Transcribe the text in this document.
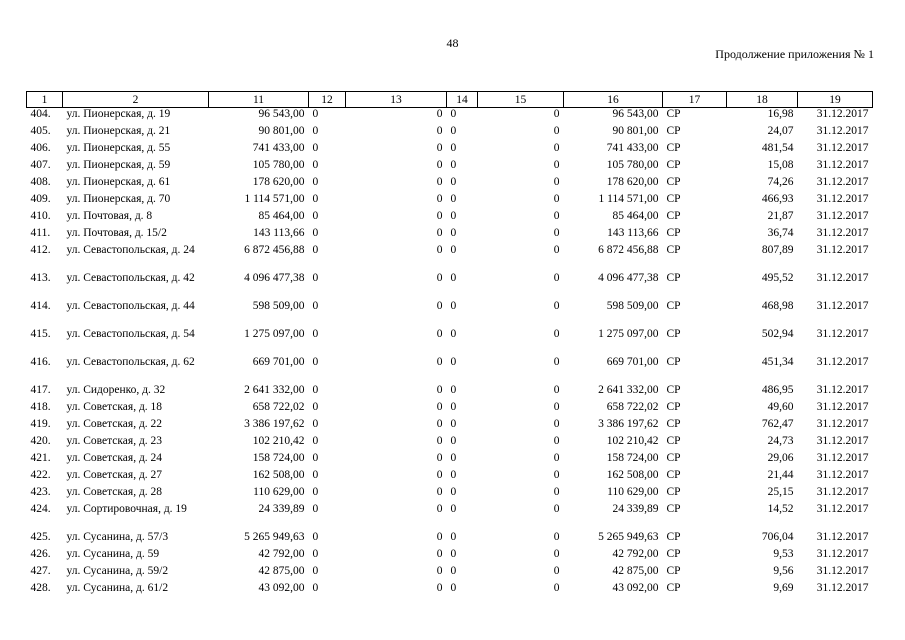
48
Продолжение приложения № 1
1	2	11	12	13	14	15	16	17	18	19
404.	ул. Пионерская, д. 19	96 543,00	0	0	0	0	96 543,00	СР	16,98	31.12.2017
405.	ул. Пионерская, д. 21	90 801,00	0	0	0	0	90 801,00	СР	24,07	31.12.2017
406.	ул. Пионерская, д. 55	741 433,00	0	0	0	0	741 433,00	СР	481,54	31.12.2017
407.	ул. Пионерская, д. 59	105 780,00	0	0	0	0	105 780,00	СР	15,08	31.12.2017
408.	ул. Пионерская, д. 61	178 620,00	0	0	0	0	178 620,00	СР	74,26	31.12.2017
409.	ул. Пионерская, д. 70	1 114 571,00	0	0	0	0	1 114 571,00	СР	466,93	31.12.2017
410.	ул. Почтовая, д. 8	85 464,00	0	0	0	0	85 464,00	СР	21,87	31.12.2017
411.	ул. Почтовая, д. 15/2	143 113,66	0	0	0	0	143 113,66	СР	36,74	31.12.2017
412.	ул. Севастопольская, д. 24	6 872 456,88	0	0	0	0	6 872 456,88	СР	807,89	31.12.2017
413.	ул. Севастопольская, д. 42	4 096 477,38	0	0	0	0	4 096 477,38	СР	495,52	31.12.2017
414.	ул. Севастопольская, д. 44	598 509,00	0	0	0	0	598 509,00	СР	468,98	31.12.2017
415.	ул. Севастопольская, д. 54	1 275 097,00	0	0	0	0	1 275 097,00	СР	502,94	31.12.2017
416.	ул. Севастопольская, д. 62	669 701,00	0	0	0	0	669 701,00	СР	451,34	31.12.2017
417.	ул. Сидоренко, д. 32	2 641 332,00	0	0	0	0	2 641 332,00	СР	486,95	31.12.2017
418.	ул. Советская, д. 18	658 722,02	0	0	0	0	658 722,02	СР	49,60	31.12.2017
419.	ул. Советская, д. 22	3 386 197,62	0	0	0	0	3 386 197,62	СР	762,47	31.12.2017
420.	ул. Советская, д. 23	102 210,42	0	0	0	0	102 210,42	СР	24,73	31.12.2017
421.	ул. Советская, д. 24	158 724,00	0	0	0	0	158 724,00	СР	29,06	31.12.2017
422.	ул. Советская, д. 27	162 508,00	0	0	0	0	162 508,00	СР	21,44	31.12.2017
423.	ул. Советская, д. 28	110 629,00	0	0	0	0	110 629,00	СР	25,15	31.12.2017
424.	ул. Сортировочная, д. 19	24 339,89	0	0	0	0	24 339,89	СР	14,52	31.12.2017
425.	ул. Сусанина, д. 57/3	5 265 949,63	0	0	0	0	5 265 949,63	СР	706,04	31.12.2017
426.	ул. Сусанина, д. 59	42 792,00	0	0	0	0	42 792,00	СР	9,53	31.12.2017
427.	ул. Сусанина, д. 59/2	42 875,00	0	0	0	0	42 875,00	СР	9,56	31.12.2017
428.	ул. Сусанина, д. 61/2	43 092,00	0	0	0	0	43 092,00	СР	9,69	31.12.2017
